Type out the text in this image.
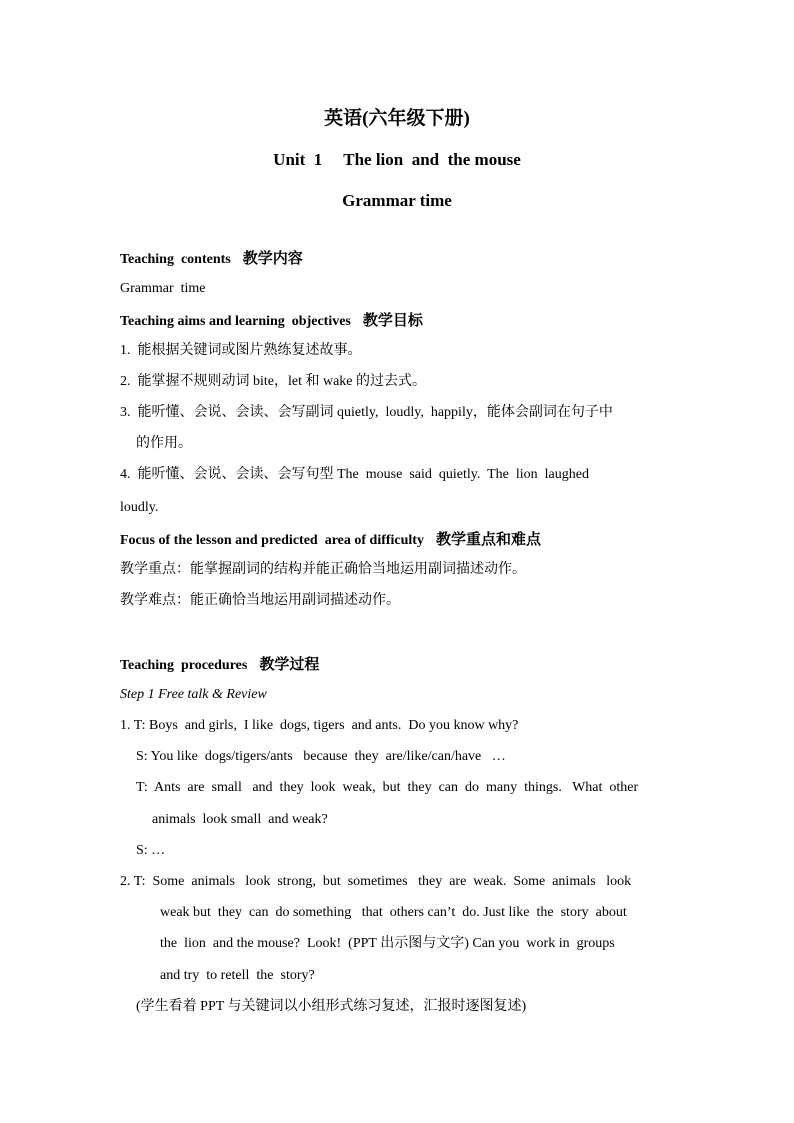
英语(六年级下册)
Unit  1     The lion  and  the mouse
Grammar time
Teaching  contents 教学内容
Grammar  time
Teaching aims and learning  objectives 教学目标
1.  能根据关键词或图片熟练复述故事。
2.  能掌握不规则动词 bite，let 和 wake 的过去式。
3.  能听懂、会说、会读、会写副词 quietly,  loudly,  happily，能体会副词在句子中
的作用。
4.  能听懂、会说、会读、会写句型 The  mouse  said  quietly.  The  lion  laughed
loudly.
Focus of the lesson and predicted  area of difficulty 教学重点和难点
教学重点：能掌握副词的结构并能正确恰当地运用副词描述动作。
教学难点：能正确恰当地运用副词描述动作。
Teaching  procedures 教学过程
Step 1 Free talk & Review
1. T: Boys  and girls,  I like  dogs, tigers  and ants.  Do you know why?
S: You like  dogs/tigers/ants   because  they  are/like/can/have   …
T:  Ants  are  small   and  they  look  weak,  but  they  can  do  many  things.   What  other
animals  look small  and weak?
S: …
2. T:  Some  animals   look  strong,  but  sometimes   they  are  weak.  Some  animals   look
weak but  they  can  do something   that  others can’t  do. Just like  the  story  about
the  lion  and the mouse?  Look!  (PPT 出示图与文字) Can you  work in  groups
and try  to retell  the  story?
(学生看着 PPT 与关键词以小组形式练习复述，汇报时逐图复述)
